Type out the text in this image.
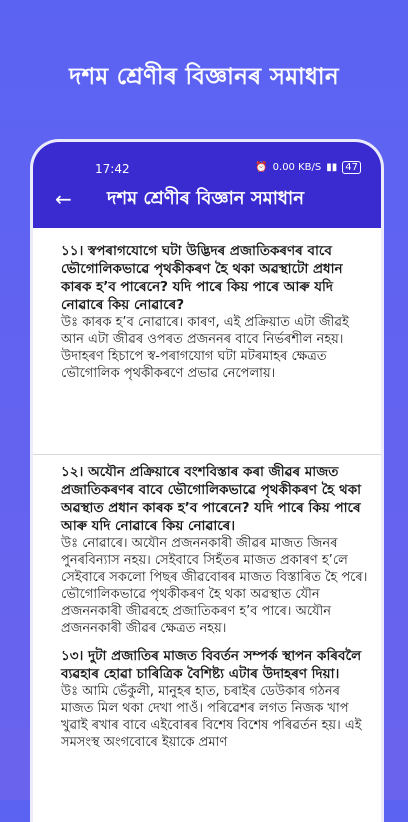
দশম শ্ৰেণীৰ বিজ্ঞানৰ সমাধান
17:42	⏰ 0.00 KB/S ▮▮ 47
←	দশম শ্ৰেণীৰ বিজ্ঞান সমাধান

১১। স্বপৰাগযোগে ঘটা উদ্ভিদৰ প্ৰজাতিকৰণৰ বাবে ভৌগোলিকভাৱে পৃথকীকৰণ হৈ থকা অৱস্থাটো প্ৰধান কাৰক হ’ব পাৰেনে? যদি পাৰে কিয় পাৰে আৰু যদি নোৱাৰে কিয় নোৱাৰে?

উঃ কাৰক হ’ব নোৱাৰে। কাৰণ, এই প্ৰক্ৰিয়াত এটা জীৱই আন এটা জীৱৰ ওপৰত প্ৰজননৰ বাবে নিৰ্ভৰশীল নহয়। উদাহৰণ হিচাপে স্ব-পৰাগযোগ ঘটা মটৰমাহৰ ক্ষেত্ৰত ভৌগোলিক পৃথকীকৰণে প্ৰভাৱ নেপেলায়।

১২। অযৌন প্ৰক্ৰিয়াৰে বংশবিস্তাৰ কৰা জীৱৰ মাজত প্ৰজাতিকৰণৰ বাবে ভৌগোলিকভাৱে পৃথকীকৰণ হৈ থকা অৱস্থাত প্ৰধান কাৰক হ’ব পাৰেনে? যদি পাৰে কিয় পাৰে আৰু যদি নোৱাৰে কিয় নোৱাৰে।

উঃ নোৱাৰে। অযৌন প্ৰজননকাৰী জীৱৰ মাজত জিনৰ পুনৰবিন্যাস নহয়। সেইবাবে সিহঁতৰ মাজত প্ৰকাৰণ হ’লে সেইবাৰে সকলো পিছৰ জীৱবোৰৰ মাজত বিস্তাৰিত হৈ পৰে। ভৌগোলিকভাৱে পৃথকীকৰণ হৈ থকা অৱস্থাত যৌন প্ৰজননকাৰী জীৱৰহে প্ৰজাতিকৰণ হ’ব পাৰে। অযৌন প্ৰজননকাৰী জীৱৰ ক্ষেত্ৰত নহয়।

১৩। দুটা প্ৰজাতিৰ মাজত বিবৰ্তন সম্পৰ্ক স্থাপন কৰিবলৈ ব্যৱহাৰ হোৱা চাৰিত্ৰিক বৈশিষ্ট্য এটাৰ উদাহৰণ দিয়া।

উঃ আমি ভেঁকুলী, মানুহৰ হাত, চৰাইৰ ডেউকাৰ গঠনৰ মাজত মিল থকা দেখা পাওঁ। পৰিৱেশৰ লগত নিজক খাপ খুৱাই ৰখাৰ বাবে এইবোৰৰ বিশেষ বিশেষ পৰিৱৰ্তন হয়। এই সমসংস্থ অংগবোৰে ইয়াকে প্ৰমাণ
